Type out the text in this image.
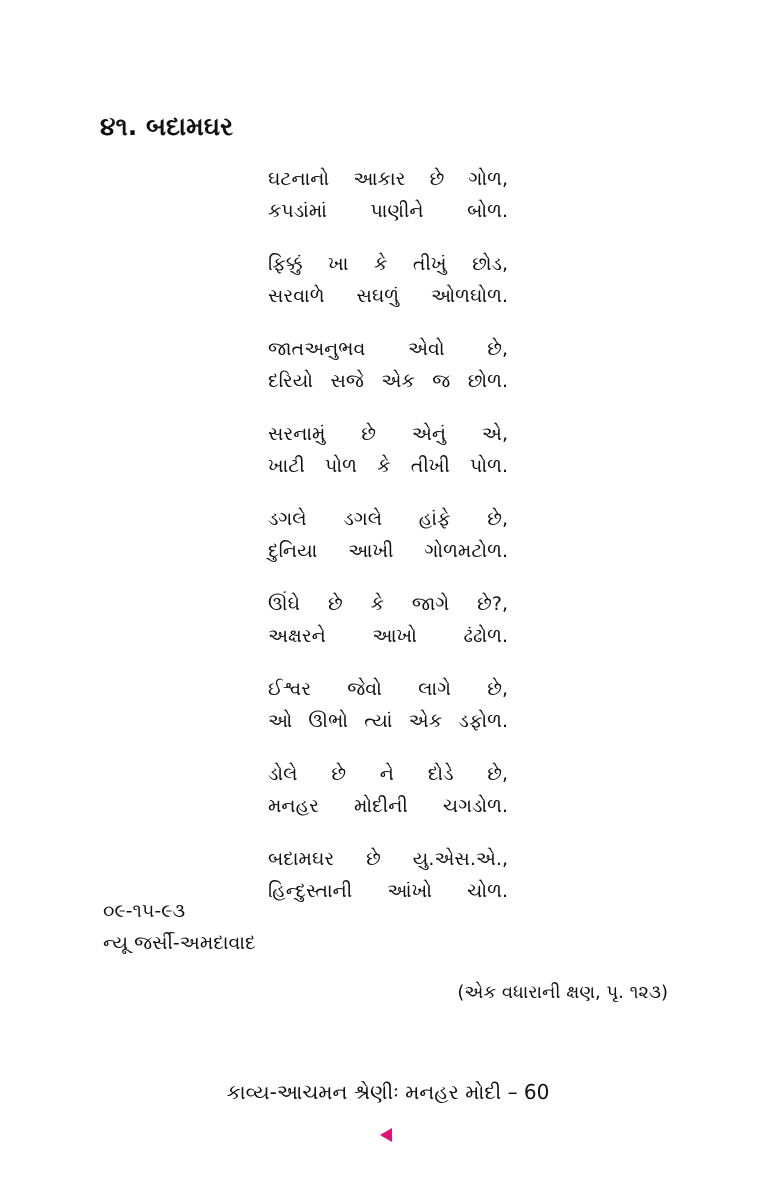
૪૧. બદામઘર
ઘટનાનો આકાર છે ગોળ,
કપડાંમાં પાણીને બોળ.
ફિક્કું ખા કે તીખું છોડ,
સરવાળે સઘળું ઓળઘોળ.
જાતઅનુભવ એવો છે,
દરિયો સજે એક જ છોળ.
સરનામું છે એનું એ,
ખાટી પોળ કે તીખી પોળ.
ડગલે ડગલે હાંફે છે,
દુનિયા આખી ગોળમટોળ.
ઊંઘે છે કે જાગે છે?,
અક્ષરને આખો ઢંઢોળ.
ઈશ્વર જેવો લાગે છે,
ઓ ઊભો ત્યાં એક ડફોળ.
ડોલે છે ને દોડે છે,
મનહર મોદીની ચગડોળ.
બદામઘર છે યુ.એસ.એ.,
હિન્દુસ્તાની આંખો ચોળ.
૦૯-૧૫-૯૩
ન્યૂ જર્સી-અમદાવાદ
(એક વધારાની ક્ષણ, પૃ. ૧૨૩)
કાવ્ય-આચમન શ્રેણીઃ મનહર મોદી – 60
